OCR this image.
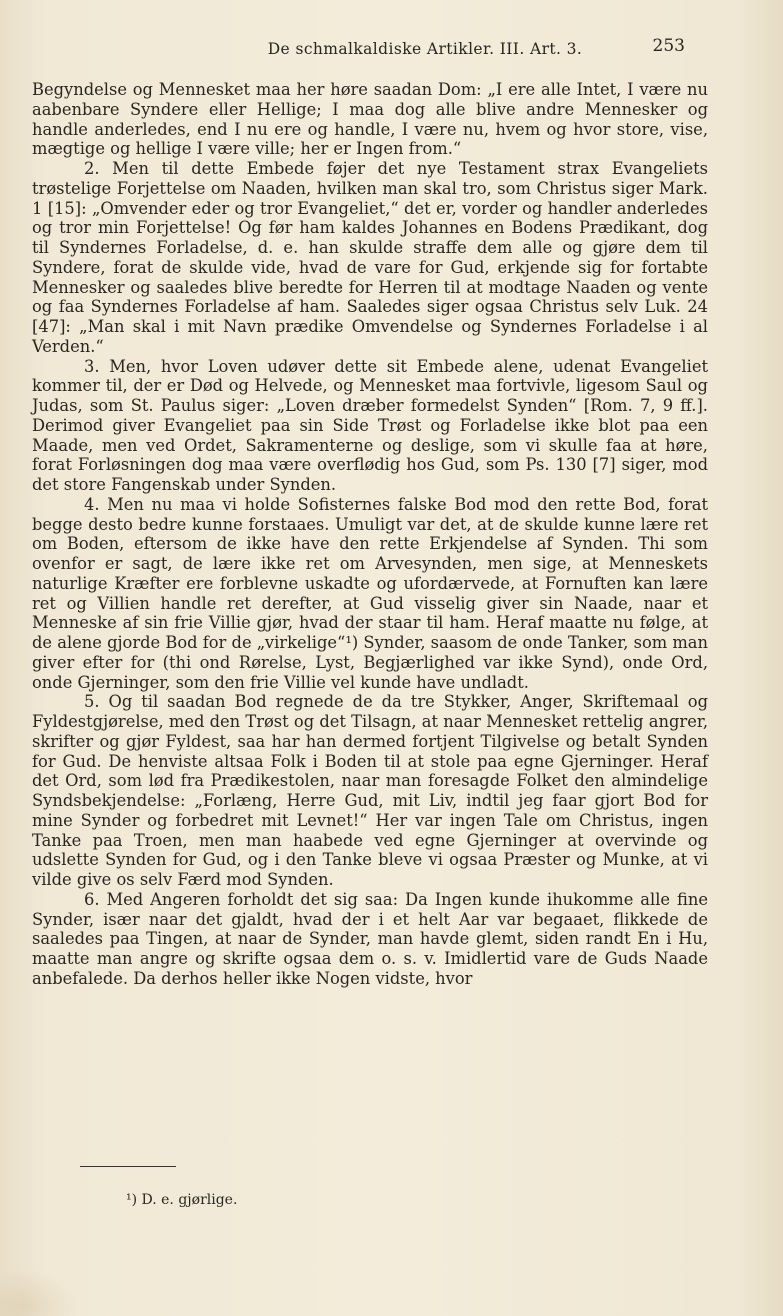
De schmalkaldiske Artikler. III. Art. 3.	253

Begyndelse og Mennesket maa her høre saadan Dom: „I ere alle Intet, I være nu aabenbare Syndere eller Hellige; I maa dog alle blive andre Mennesker og handle anderledes, end I nu ere og handle, I være nu, hvem og hvor store, vise, mægtige og hellige I være ville; her er Ingen from.“

2. Men til dette Embede føjer det nye Testament strax Evangeliets trøstelige Forjettelse om Naaden, hvilken man skal tro, som Christus siger Mark. 1 [15]: „Omvender eder og tror Evangeliet,“ det er, vorder og handler anderledes og tror min Forjettelse! Og før ham kaldes Johannes en Bodens Prædikant, dog til Syndernes Forladelse, d. e. han skulde straffe dem alle og gjøre dem til Syndere, forat de skulde vide, hvad de vare for Gud, erkjende sig for fortabte Mennesker og saaledes blive beredte for Herren til at modtage Naaden og vente og faa Syndernes Forladelse af ham. Saaledes siger ogsaa Christus selv Luk. 24 [47]: „Man skal i mit Navn prædike Omvendelse og Syndernes Forladelse i al Verden.“

3. Men, hvor Loven udøver dette sit Embede alene, udenat Evangeliet kommer til, der er Død og Helvede, og Mennesket maa fortvivle, ligesom Saul og Judas, som St. Paulus siger: „Loven dræber formedelst Synden“ [Rom. 7, 9 ff.]. Derimod giver Evangeliet paa sin Side Trøst og Forladelse ikke blot paa een Maade, men ved Ordet, Sakramenterne og deslige, som vi skulle faa at høre, forat Forløsningen dog maa være overflødig hos Gud, som Ps. 130 [7] siger, mod det store Fangenskab under Synden.

4. Men nu maa vi holde Sofisternes falske Bod mod den rette Bod, forat begge desto bedre kunne forstaaes. Umuligt var det, at de skulde kunne lære ret om Boden, eftersom de ikke have den rette Erkjendelse af Synden. Thi som ovenfor er sagt, de lære ikke ret om Arvesynden, men sige, at Menneskets naturlige Kræfter ere forblevne uskadte og ufordærvede, at Fornuften kan lære ret og Villien handle ret derefter, at Gud visselig giver sin Naade, naar et Menneske af sin frie Villie gjør, hvad der staar til ham. Heraf maatte nu følge, at de alene gjorde Bod for de „virkelige“¹) Synder, saasom de onde Tanker, som man giver efter for (thi ond Rørelse, Lyst, Begjærlighed var ikke Synd), onde Ord, onde Gjerninger, som den frie Villie vel kunde have undladt.

5. Og til saadan Bod regnede de da tre Stykker, Anger, Skriftemaal og Fyldestgjørelse, med den Trøst og det Tilsagn, at naar Mennesket rettelig angrer, skrifter og gjør Fyldest, saa har han dermed fortjent Tilgivelse og betalt Synden for Gud. De henviste altsaa Folk i Boden til at stole paa egne Gjerninger. Heraf det Ord, som lød fra Prædikestolen, naar man foresagde Folket den almindelige Syndsbekjendelse: „Forlæng, Herre Gud, mit Liv, indtil jeg faar gjort Bod for mine Synder og forbedret mit Levnet!“ Her var ingen Tale om Christus, ingen Tanke paa Troen, men man haabede ved egne Gjerninger at overvinde og udslette Synden for Gud, og i den Tanke bleve vi ogsaa Præster og Munke, at vi vilde give os selv Færd mod Synden.

6. Med Angeren forholdt det sig saa: Da Ingen kunde ihukomme alle fine Synder, især naar det gjaldt, hvad der i et helt Aar var begaaet, flikkede de saaledes paa Tingen, at naar de Synder, man havde glemt, siden randt En i Hu, maatte man angre og skrifte ogsaa dem o. s. v. Imidlertid vare de Guds Naade anbefalede. Da derhos heller ikke Nogen vidste, hvor

¹) D. e. gjørlige.
